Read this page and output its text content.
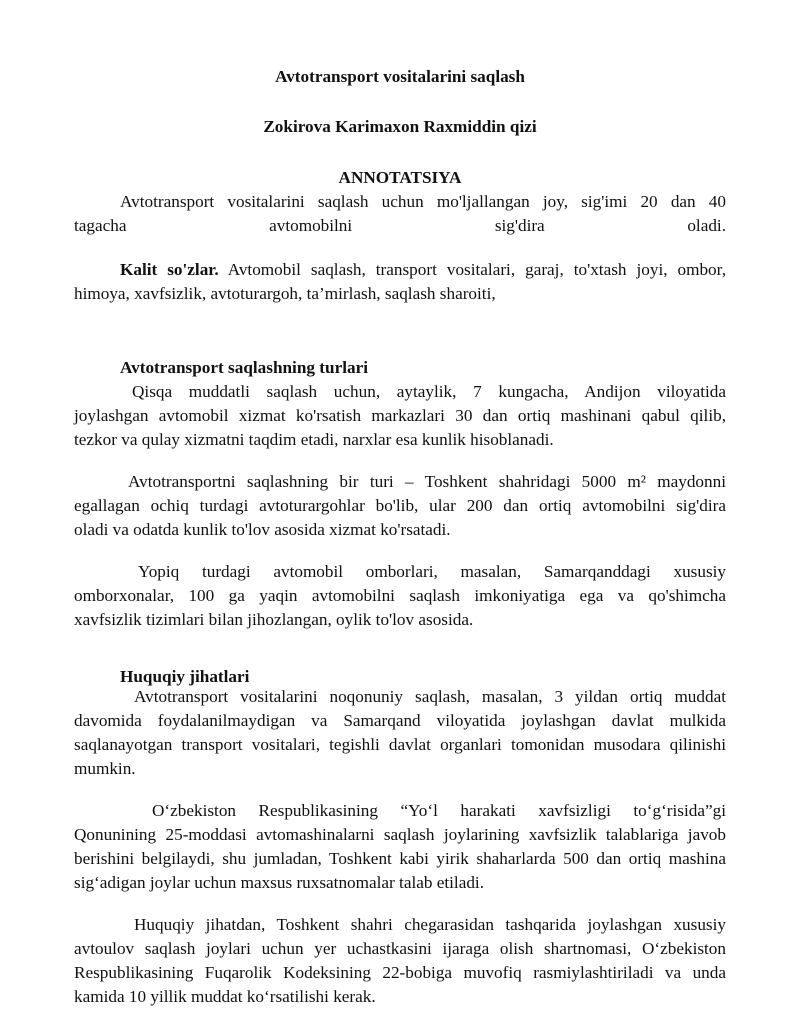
Avtotransport vositalarini saqlash
Zokirova Karimaxon Raxmiddin qizi
ANNOTATSIYA
Avtotransport vositalarini saqlash uchun mo'ljallangan joy, sig'imi 20 dan 40
tagacha avtomobilni sig'dira oladi.
Kalit so'zlar. Avtomobil saqlash, transport vositalari, garaj, to'xtash joyi, ombor,
himoya, xavfsizlik, avtoturargoh, ta’mirlash, saqlash sharoiti,
Avtotransport saqlashning turlari
Qisqa muddatli saqlash uchun, aytaylik, 7 kungacha, Andijon viloyatida
joylashgan avtomobil xizmat ko'rsatish markazlari 30 dan ortiq mashinani qabul qilib,
tezkor va qulay xizmatni taqdim etadi, narxlar esa kunlik hisoblanadi.
Avtotransportni saqlashning bir turi – Toshkent shahridagi 5000 m² maydonni
egallagan ochiq turdagi avtoturargohlar bo'lib, ular 200 dan ortiq avtomobilni sig'dira
oladi va odatda kunlik to'lov asosida xizmat ko'rsatadi.
Yopiq turdagi avtomobil omborlari, masalan, Samarqanddagi xususiy
omborxonalar, 100 ga yaqin avtomobilni saqlash imkoniyatiga ega va qo'shimcha
xavfsizlik tizimlari bilan jihozlangan, oylik to'lov asosida.
Huquqiy jihatlari
Avtotransport vositalarini noqonuniy saqlash, masalan, 3 yildan ortiq muddat
davomida foydalanilmaydigan va Samarqand viloyatida joylashgan davlat mulkida
saqlanayotgan transport vositalari, tegishli davlat organlari tomonidan musodara qilinishi
mumkin.
O‘zbekiston Respublikasining “Yo‘l harakati xavfsizligi to‘g‘risida”gi
Qonunining 25-moddasi avtomashinalarni saqlash joylarining xavfsizlik talablariga javob
berishini belgilaydi, shu jumladan, Toshkent kabi yirik shaharlarda 500 dan ortiq mashina
sig‘adigan joylar uchun maxsus ruxsatnomalar talab etiladi.
Huquqiy jihatdan, Toshkent shahri chegarasidan tashqarida joylashgan xususiy
avtoulov saqlash joylari uchun yer uchastkasini ijaraga olish shartnomasi, O‘zbekiston
Respublikasining Fuqarolik Kodeksining 22-bobiga muvofiq rasmiylashtiriladi va unda
kamida 10 yillik muddat ko‘rsatilishi kerak.
